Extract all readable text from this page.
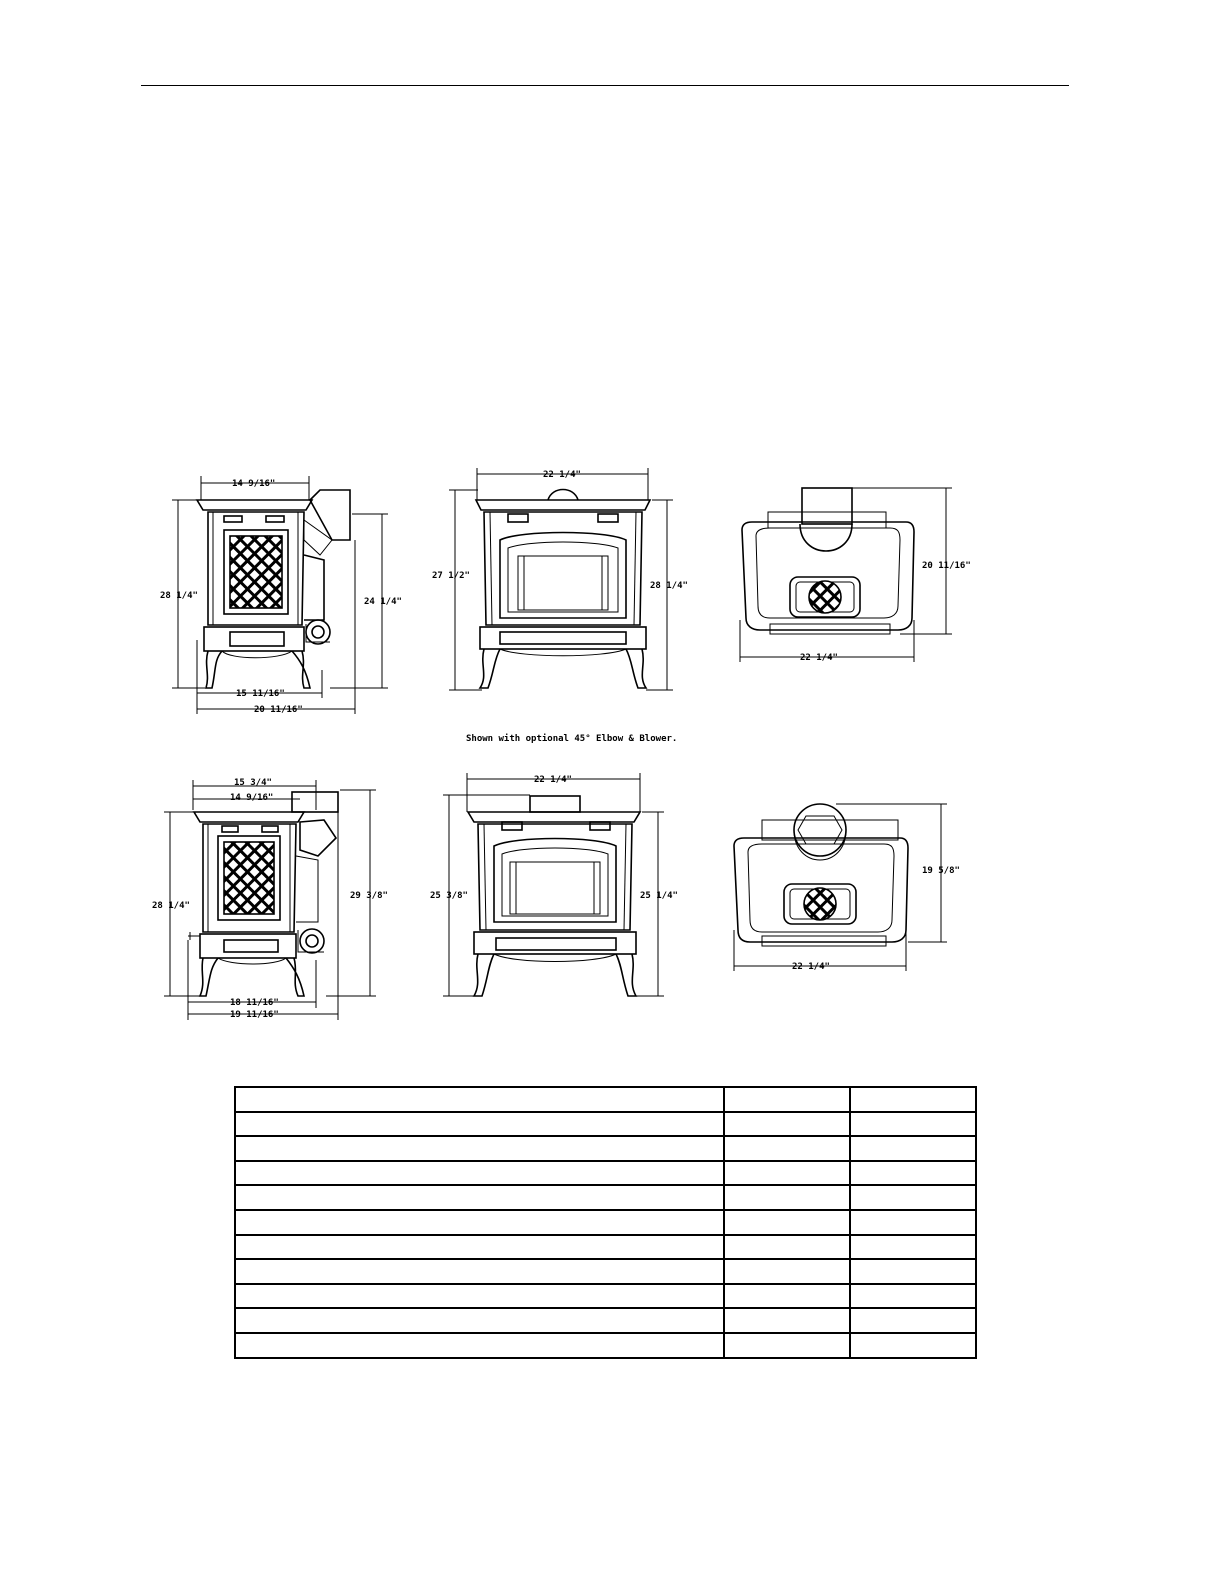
14 9/16"
28 1/4"
24 1/4"
15 11/16"
20 11/16"
22 1/4"
27 1/2"
28 1/4"
20 11/16"
22 1/4"
Shown with optional 45° Elbow & Blower.
15 3/4"
14 9/16"
28 1/4"
29 3/8"
18 11/16"
19 11/16"
22 1/4"
25 3/8"	25 1/4"
19 5/8"
22 1/4"
